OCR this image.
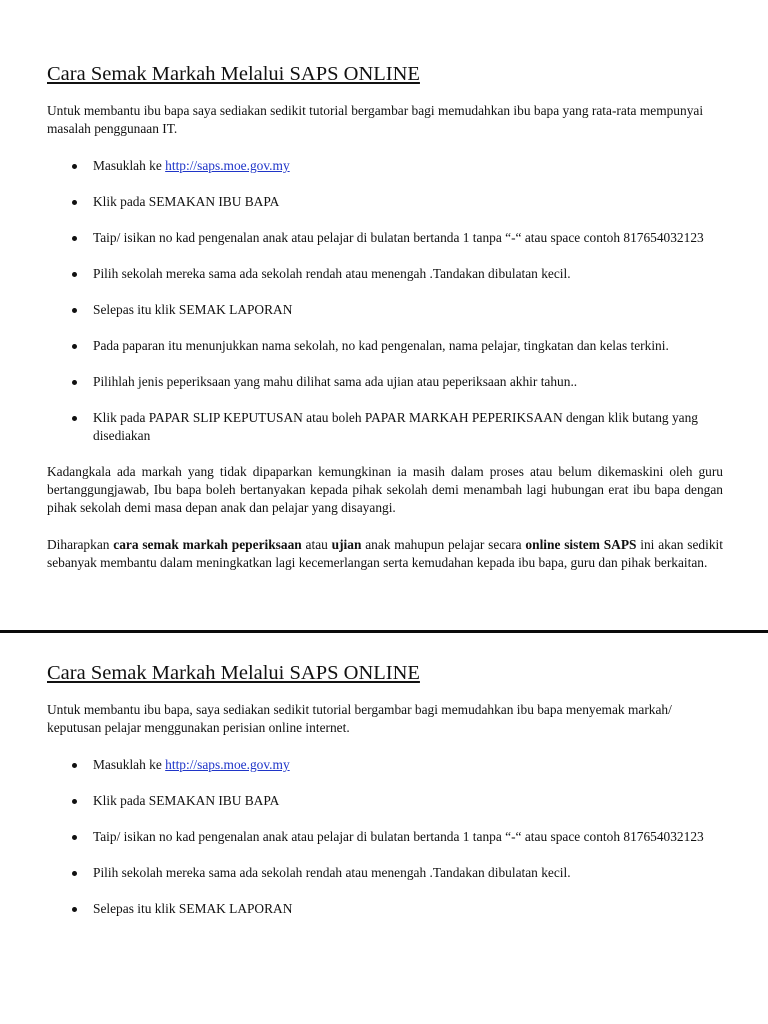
Cara Semak Markah Melalui SAPS ONLINE

Untuk membantu ibu bapa saya sediakan sedikit tutorial bergambar bagi memudahkan ibu bapa yang rata-rata mempunyai masalah penggunaan IT.

Masuklah ke http://saps.moe.gov.my
Klik pada SEMAKAN IBU BAPA
Taip/ isikan no kad pengenalan anak atau pelajar di bulatan bertanda 1 tanpa “-“ atau space contoh 817654032123
Pilih sekolah mereka sama ada sekolah rendah atau menengah .Tandakan dibulatan kecil.
Selepas itu klik SEMAK LAPORAN
Pada paparan itu menunjukkan nama sekolah, no kad pengenalan, nama pelajar, tingkatan dan kelas terkini.
Pilihlah jenis peperiksaan yang mahu dilihat sama ada ujian atau peperiksaan akhir tahun..
Klik pada PAPAR SLIP KEPUTUSAN atau boleh PAPAR MARKAH PEPERIKSAAN dengan klik butang yang disediakan

Kadangkala ada markah yang tidak dipaparkan kemungkinan ia masih dalam proses atau belum dikemaskini oleh guru bertanggungjawab, Ibu bapa boleh bertanyakan kepada pihak sekolah demi menambah lagi hubungan erat ibu bapa dengan pihak sekolah demi masa depan anak dan pelajar yang disayangi.

Diharapkan cara semak markah peperiksaan atau ujian anak mahupun pelajar secara online sistem SAPS ini akan sedikit sebanyak membantu dalam meningkatkan lagi kecemerlangan serta kemudahan kepada ibu bapa, guru dan pihak berkaitan.

Cara Semak Markah Melalui SAPS ONLINE

Untuk membantu ibu bapa, saya sediakan sedikit tutorial bergambar bagi memudahkan ibu bapa menyemak markah/ keputusan pelajar menggunakan perisian online internet.

Masuklah ke http://saps.moe.gov.my
Klik pada SEMAKAN IBU BAPA
Taip/ isikan no kad pengenalan anak atau pelajar di bulatan bertanda 1 tanpa “-“ atau space contoh 817654032123
Pilih sekolah mereka sama ada sekolah rendah atau menengah .Tandakan dibulatan kecil.
Selepas itu klik SEMAK LAPORAN
